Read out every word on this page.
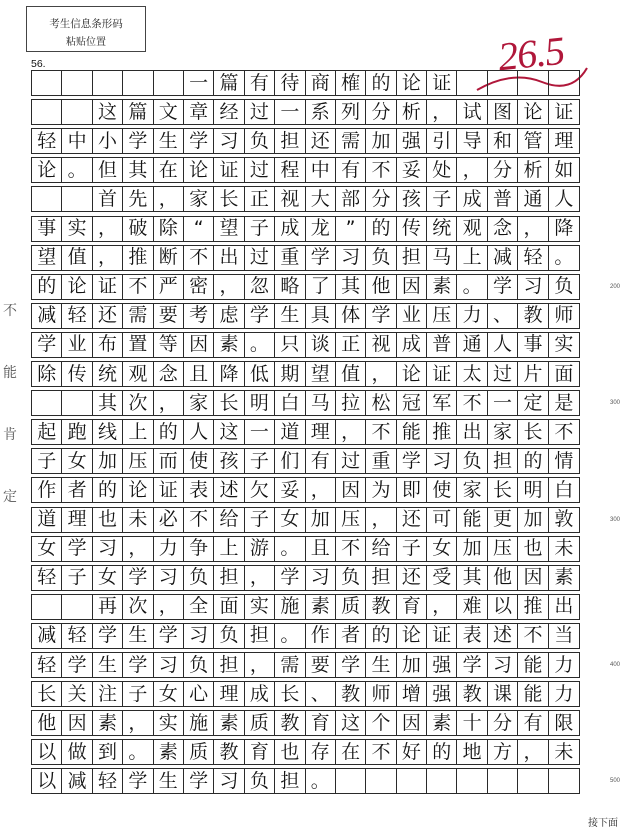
考生信息条形码
粘贴位置
56.	26.5
一 篇 有 待 商 榷 的 论 证
这 篇 文 章 经 过 一 系 列 分 析 ， 试 图 论 证
轻 中 小 学 生 学 习 负 担 还 需 加 强 引 导 和 管 理
论 。 但 其 在 论 证 过 程 中 有 不 妥 处 ， 分 析 如
首 先 ， 家 长 正 视 大 部 分 孩 子 成 普 通 人
事 实 ， 破 除 “ 望 子 成 龙 ” 的 传 统 观 念 ， 降
望 值 ， 推 断 不 出 过 重 学 习 负 担 马 上 减 轻 。
的 论 证 不 严 密 ， 忽 略 了 其 他 因 素 。 学 习 负
减 轻 还 需 要 考 虑 学 生 具 体 学 业 压 力 、 教 师
学 业 布 置 等 因 素 。 只 谈 正 视 成 普 通 人 事 实
除 传 统 观 念 且 降 低 期 望 值 ， 论 证 太 过 片 面
其 次 ， 家 长 明 白 马 拉 松 冠 军 不 一 定 是
起 跑 线 上 的 人 这 一 道 理 ， 不 能 推 出 家 长 不
子 女 加 压 而 使 孩 子 们 有 过 重 学 习 负 担 的 情
作 者 的 论 证 表 述 欠 妥 ， 因 为 即 使 家 长 明 白
道 理 也 未 必 不 给 子 女 加 压 ， 还 可 能 更 加 敦
女 学 习 ， 力 争 上 游 。 且 不 给 子 女 加 压 也 未
轻 子 女 学 习 负 担 ， 学 习 负 担 还 受 其 他 因 素
再 次 ， 全 面 实 施 素 质 教 育 ， 难 以 推 出
减 轻 学 生 学 习 负 担 。 作 者 的 论 证 表 述 不 当
轻 学 生 学 习 负 担 ， 需 要 学 生 加 强 学 习 能 力
长 关 注 子 女 心 理 成 长 、 教 师 增 强 教 课 能 力
他 因 素 ， 实 施 素 质 教 育 这 个 因 素 十 分 有 限
以 做 到 。 素 质 教 育 也 存 在 不 好 的 地 方 ， 未
以 减 轻 学 生 学 习 负 担 。
不
能
肯
定
接下面
200
300
300
400
500
